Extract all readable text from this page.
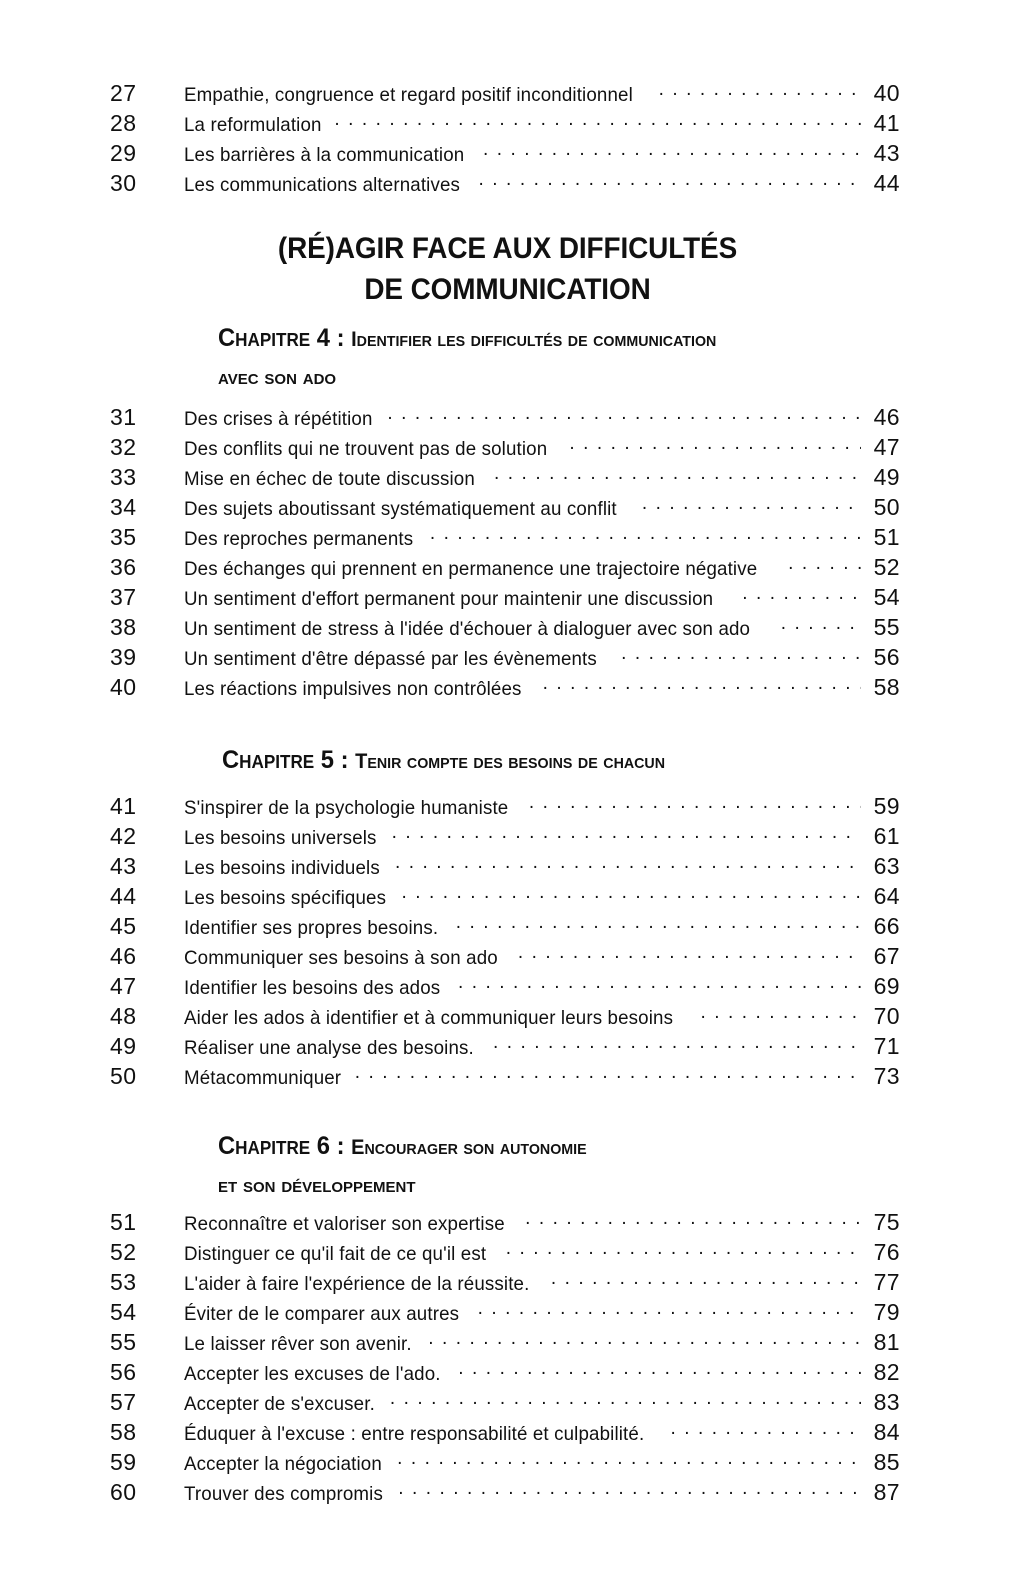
27	Empathie, congruence et regard positif inconditionnel . . .	40
28	La reformulation . . .	41
29	Les barrières à la communication . . .	43
30	Les communications alternatives . . .	44
(RÉ)AGIR FACE AUX DIFFICULTÉS
DE COMMUNICATION
Chapitre 4 : Identifier les difficultés de communication
avec son ado
31	Des crises à répétition . . .	46
32	Des conflits qui ne trouvent pas de solution . . .	47
33	Mise en échec de toute discussion . . .	49
34	Des sujets aboutissant systématiquement au conflit . . .	50
35	Des reproches permanents . . .	51
36	Des échanges qui prennent en permanence une trajectoire négative . . .	52
37	Un sentiment d'effort permanent pour maintenir une discussion . . .	54
38	Un sentiment de stress à l'idée d'échouer à dialoguer avec son ado . . .	55
39	Un sentiment d'être dépassé par les évènements . . .	56
40	Les réactions impulsives non contrôlées . . .	58
Chapitre 5 : Tenir compte des besoins de chacun
41	S'inspirer de la psychologie humaniste . . .	59
42	Les besoins universels . . .	61
43	Les besoins individuels . . .	63
44	Les besoins spécifiques . . .	64
45	Identifier ses propres besoins. . . .	66
46	Communiquer ses besoins à son ado . . .	67
47	Identifier les besoins des ados . . .	69
48	Aider les ados à identifier et à communiquer leurs besoins . . .	70
49	Réaliser une analyse des besoins. . . .	71
50	Métacommuniquer . . .	73
Chapitre 6 : Encourager son autonomie
et son développement
51	Reconnaître et valoriser son expertise . . .	75
52	Distinguer ce qu'il fait de ce qu'il est . . .	76
53	L'aider à faire l'expérience de la réussite. . . .	77
54	Éviter de le comparer aux autres . . .	79
55	Le laisser rêver son avenir. . . .	81
56	Accepter les excuses de l'ado. . . .	82
57	Accepter de s'excuser. . . .	83
58	Éduquer à l'excuse : entre responsabilité et culpabilité. . . .	84
59	Accepter la négociation . . .	85
60	Trouver des compromis . . .	87
